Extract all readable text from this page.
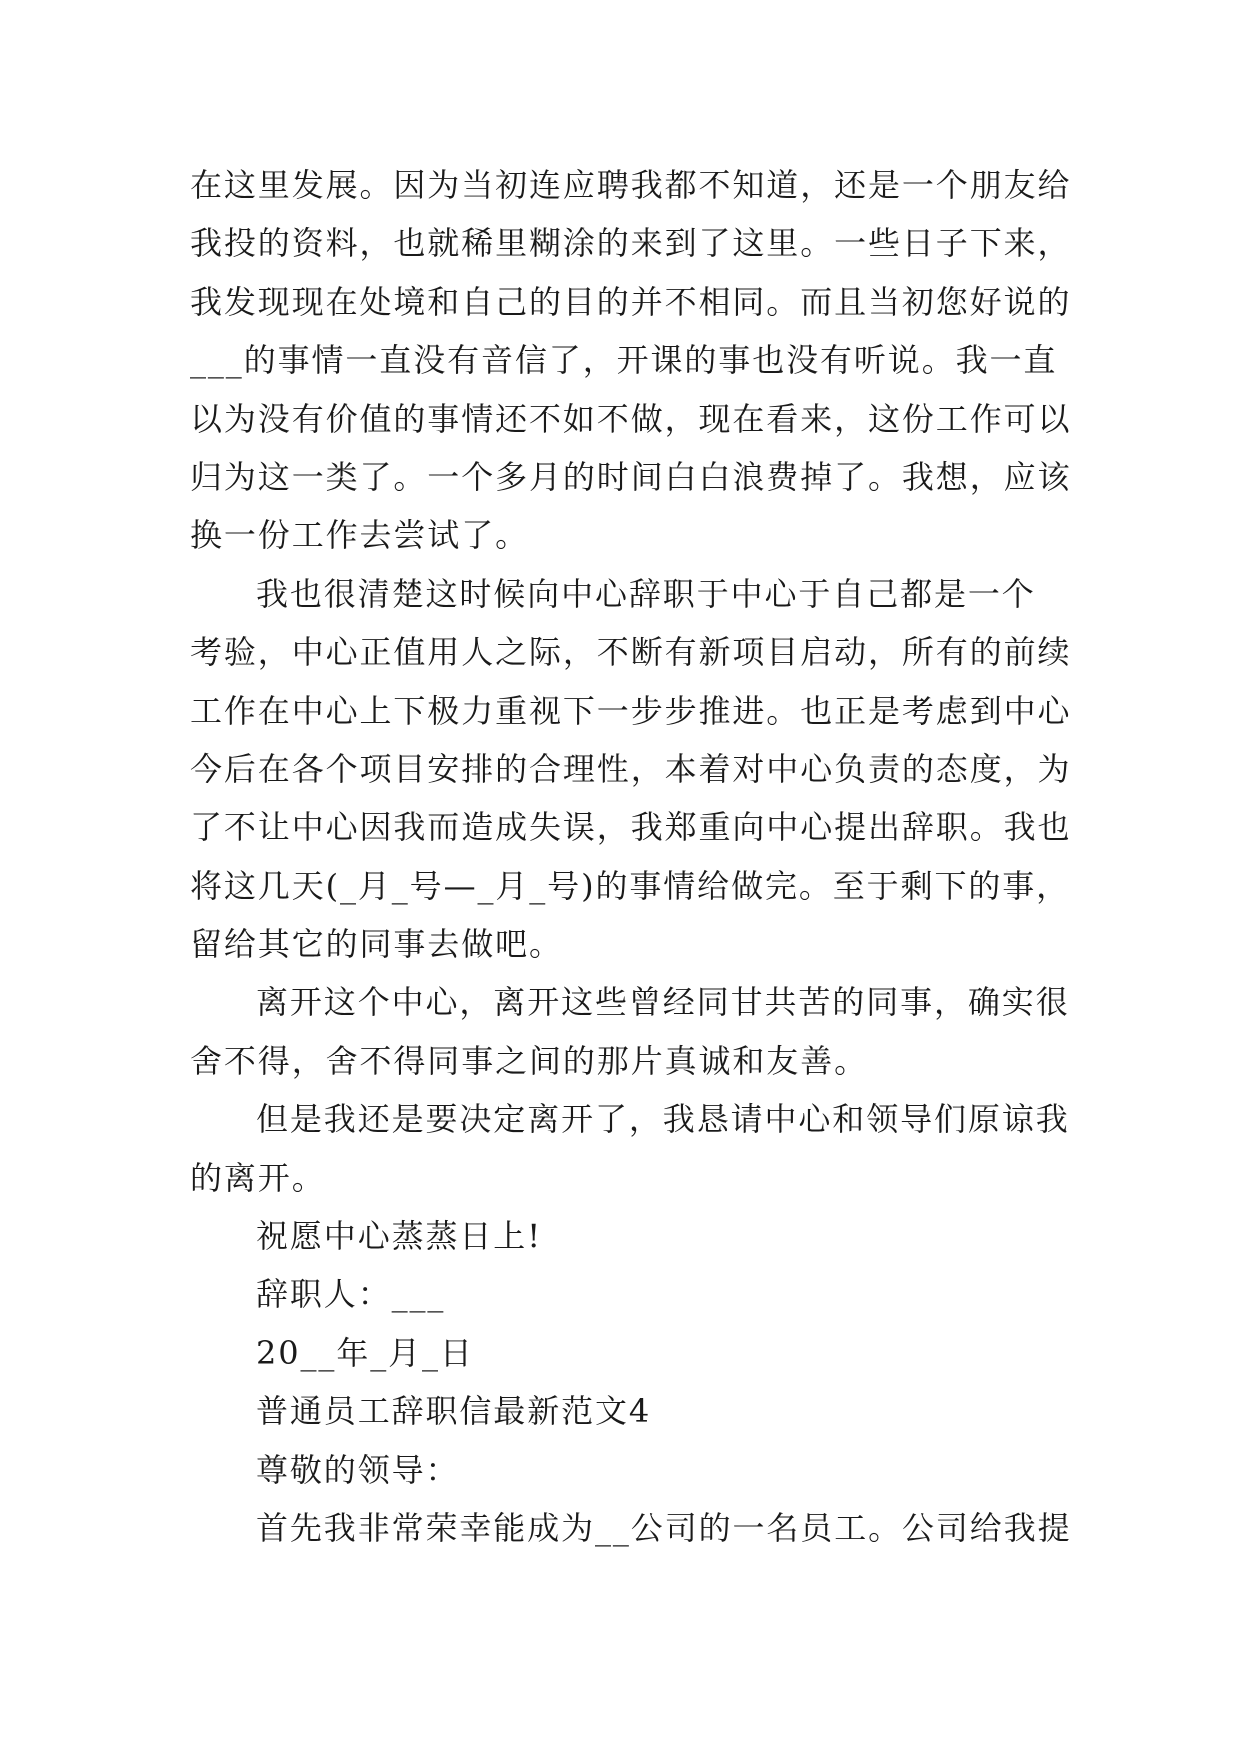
在这里发展。因为当初连应聘我都不知道，还是一个朋友给
我投的资料，也就稀里糊涂的来到了这里。一些日子下来，
我发现现在处境和自己的目的并不相同。而且当初您好说的
___的事情一直没有音信了，开课的事也没有听说。我一直
以为没有价值的事情还不如不做，现在看来，这份工作可以
归为这一类了。一个多月的时间白白浪费掉了。我想，应该
换一份工作去尝试了。
我也很清楚这时候向中心辞职于中心于自己都是一个
考验，中心正值用人之际，不断有新项目启动，所有的前续
工作在中心上下极力重视下一步步推进。也正是考虑到中心
今后在各个项目安排的合理性，本着对中心负责的态度，为
了不让中心因我而造成失误，我郑重向中心提出辞职。我也
将这几天(_月_号—_月_号)的事情给做完。至于剩下的事，
留给其它的同事去做吧。
离开这个中心，离开这些曾经同甘共苦的同事，确实很
舍不得，舍不得同事之间的那片真诚和友善。
但是我还是要决定离开了，我恳请中心和领导们原谅我
的离开。
祝愿中心蒸蒸日上!
辞职人：___
20__年_月_日
普通员工辞职信最新范文4
尊敬的领导：
首先我非常荣幸能成为__公司的一名员工。公司给我提
